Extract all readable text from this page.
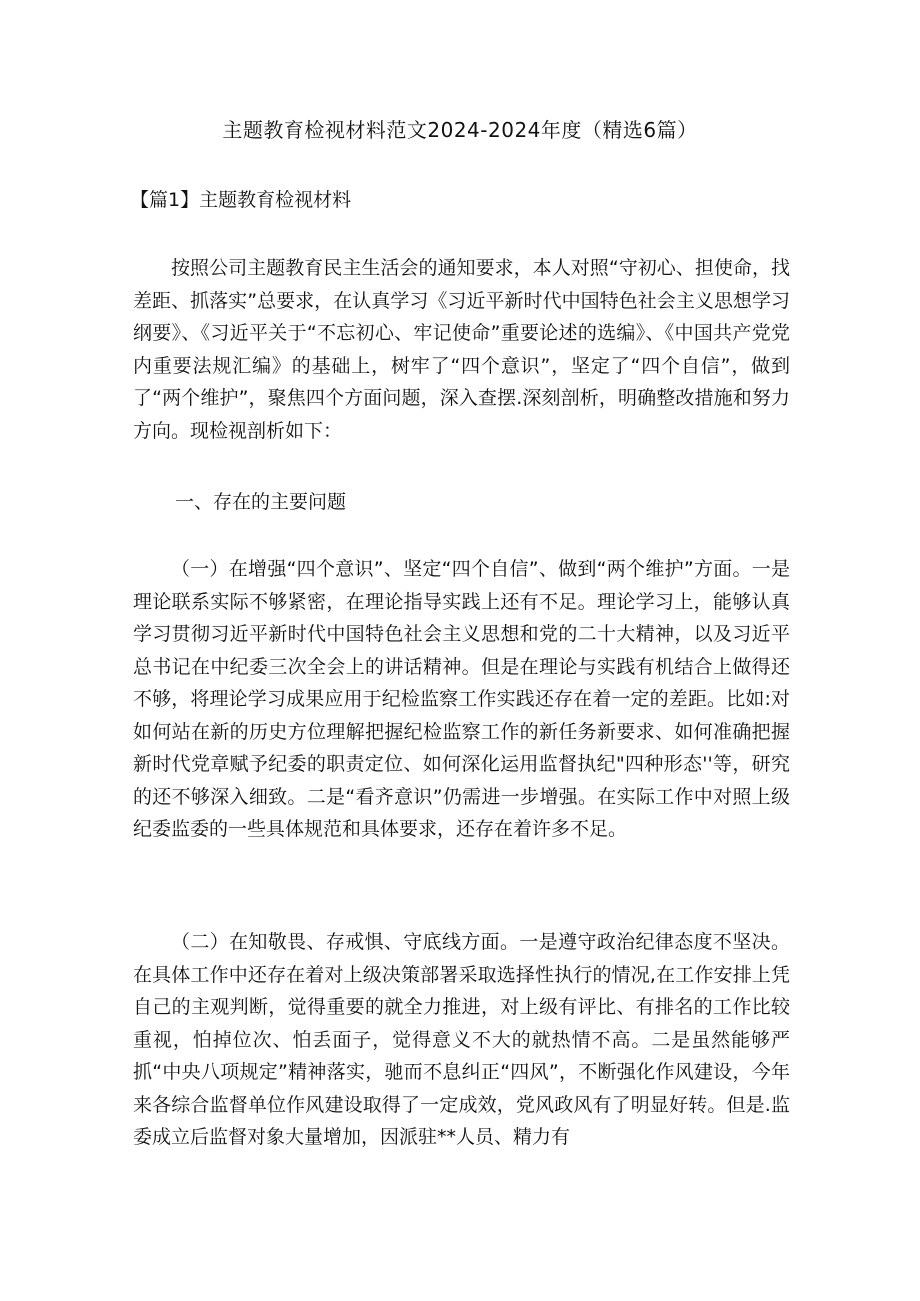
主题教育检视材料范文2024-2024年度（精选6篇）
【篇1】主题教育检视材料

按照公司主题教育民主生活会的通知要求，本人对照“守初心、担使命，找差距、抓落实”总要求，在认真学习《习近平新时代中国特色社会主义思想学习纲要》、《习近平关于“不忘初心、牢记使命”重要论述的选编》、《中国共产党党内重要法规汇编》的基础上，树牢了“四个意识”，坚定了“四个自信”，做到了“两个维护”，聚焦四个方面问题，深入查摆.深刻剖析，明确整改措施和努力方向。现检视剖析如下：

一、存在的主要问题

（一）在增强“四个意识”、坚定“四个自信”、做到“两个维护”方面。一是理论联系实际不够紧密，在理论指导实践上还有不足。理论学习上，能够认真学习贯彻习近平新时代中国特色社会主义思想和党的二十大精神，以及习近平总书记在中纪委三次全会上的讲话精神。但是在理论与实践有机结合上做得还不够，将理论学习成果应用于纪检监察工作实践还存在着一定的差距。比如:对如何站在新的历史方位理解把握纪检监察工作的新任务新要求、如何准确把握新时代党章赋予纪委的职责定位、如何深化运用监督执纪"四种形态''等，研究的还不够深入细致。二是“看齐意识”仍需进一步增强。在实际工作中对照上级纪委监委的一些具体规范和具体要求，还存在着许多不足。

（二）在知敬畏、存戒惧、守底线方面。一是遵守政治纪律态度不坚决。在具体工作中还存在着对上级决策部署采取选择性执行的情况,在工作安排上凭自己的主观判断，觉得重要的就全力推进，对上级有评比、有排名的工作比较重视，怕掉位次、怕丢面子，觉得意义不大的就热情不高。二是虽然能够严抓“中央八项规定”精神落实，驰而不息纠正“四风”，不断强化作风建设，今年来各综合监督单位作风建设取得了一定成效，党风政风有了明显好转。但是.监委成立后监督对象大量增加，因派驻**人员、精力有
